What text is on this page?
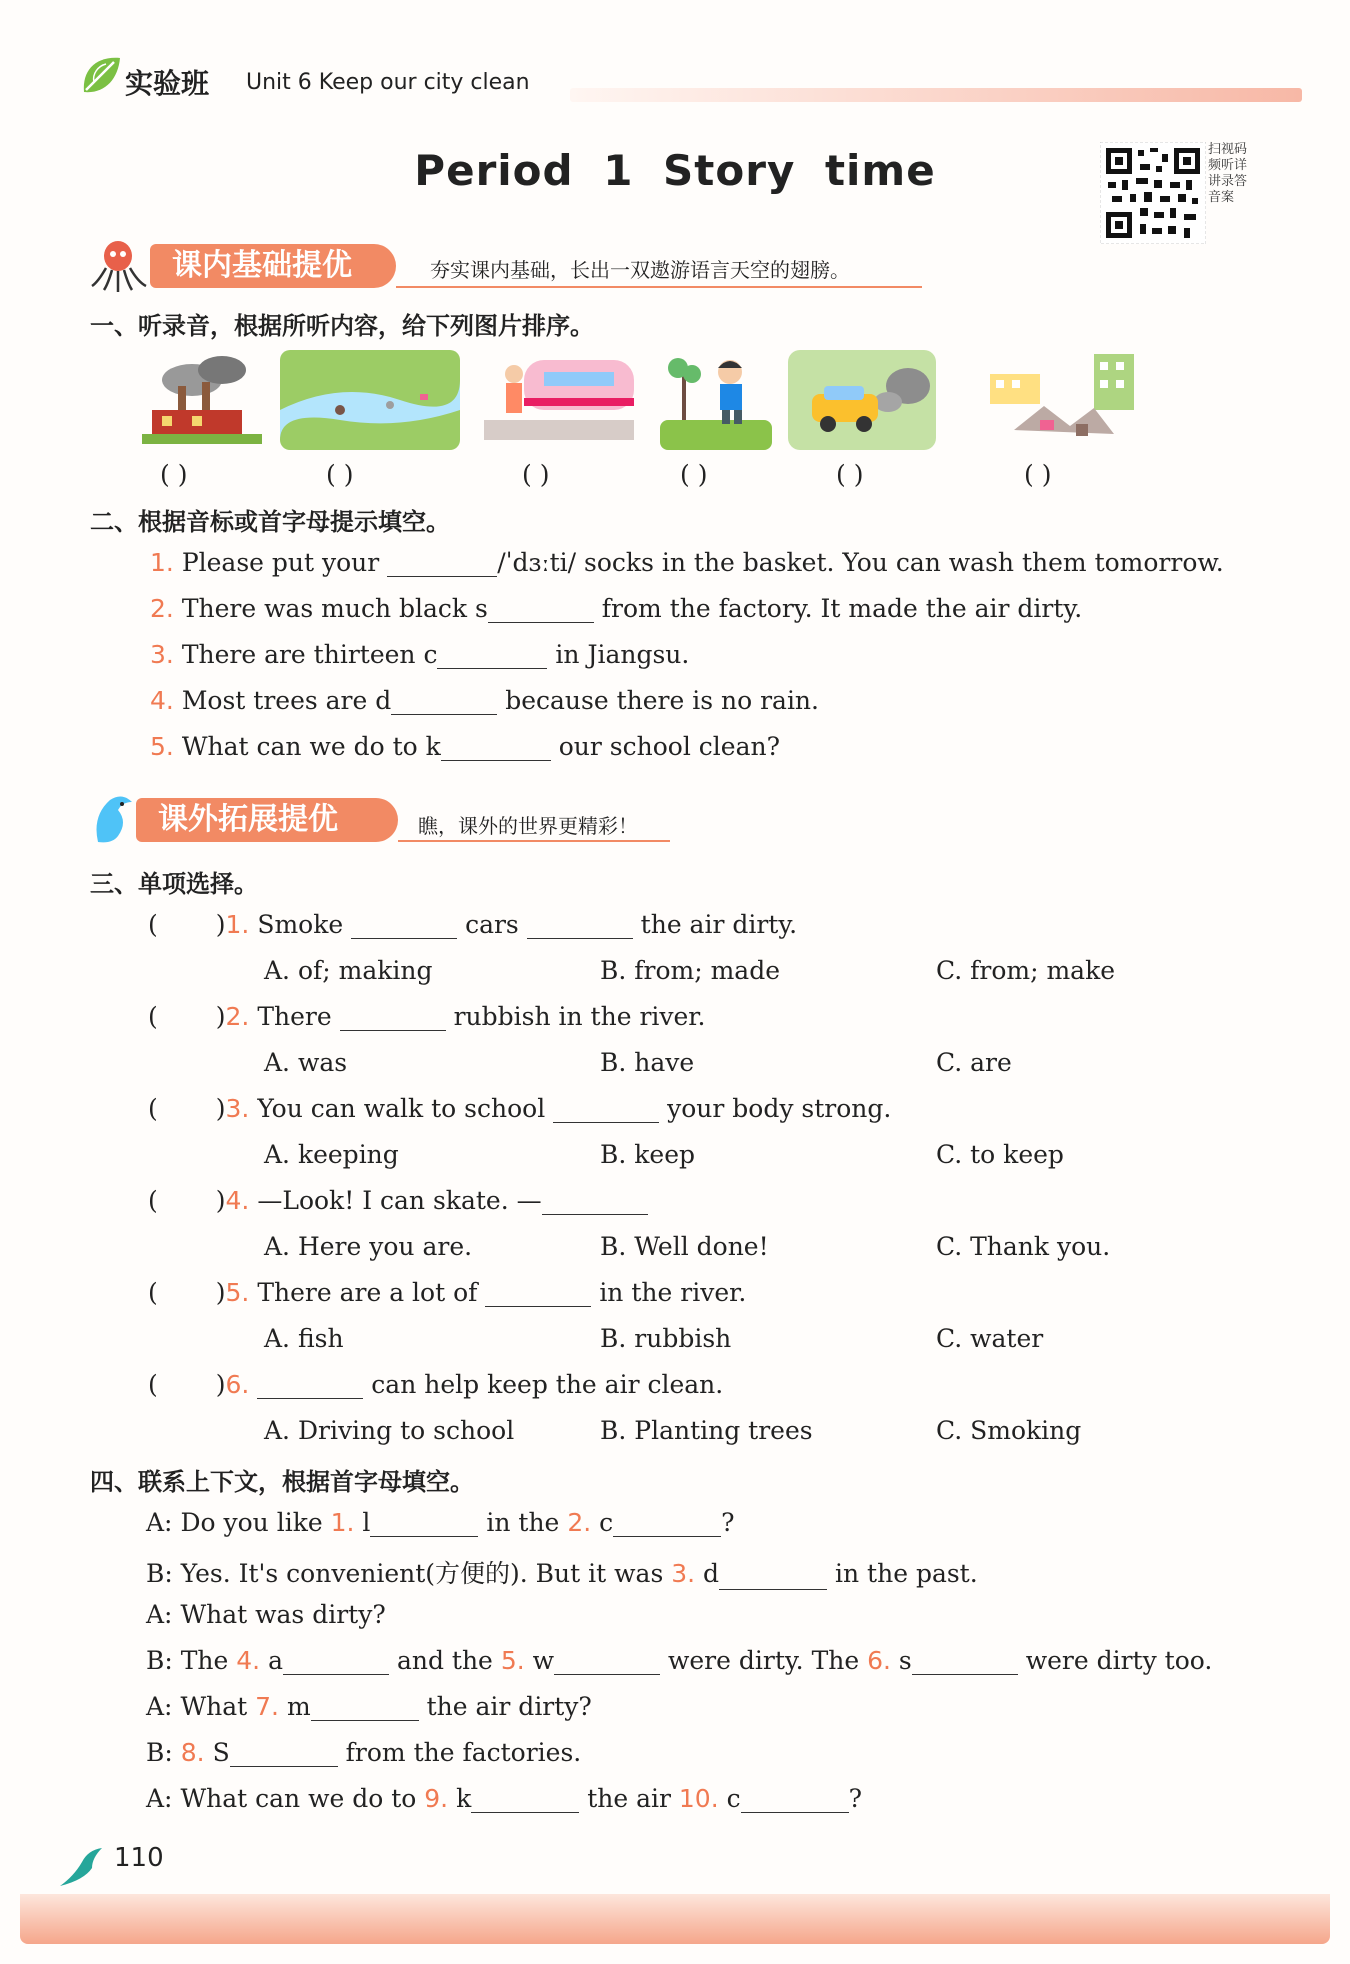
实验班 Unit 6 Keep our city clean
Period 1 Story time	扫视码频听详讲录答音案
课内基础提优	夯实课内基础，长出一双遨游语言天空的翅膀。
一、听录音，根据所听内容，给下列图片排序。
( )	( )	( )	( )	( )	( )
二、根据音标或首字母提示填空。
1. Please put your	/ˈdɜːti/ socks in the basket. You can wash them tomorrow.
2. There was much black s	from the factory. It made the air dirty.
3. There are thirteen c	in Jiangsu.
4. Most trees are d	because there is no rain.
5. What can we do to k	our school clean?
课外拓展提优	瞧，课外的世界更精彩！
三、单项选择。
( )1. Smoke	cars	the air dirty.
A. of; making	B. from; made	C. from; make
( )2. There	rubbish in the river.
A. was	B. have	C. are
( )3. You can walk to school	your body strong.
A. keeping	B. keep	C. to keep
( )4. —Look! I can skate. —
A. Here you are.	B. Well done!	C. Thank you.
( )5. There are a lot of	in the river.
A. fish	B. rubbish	C. water
( )6.	can help keep the air clean.
A. Driving to school	B. Planting trees	C. Smoking
四、联系上下文，根据首字母填空。
A: Do you like 1. l	in the 2. c	?
B: Yes. It's convenient(方便的). But it was 3. d	in the past.
A: What was dirty?
B: The 4. a	and the 5. w	were dirty. The 6. s	were dirty too.
A: What 7. m	the air dirty?
B: 8. S	from the factories.
A: What can we do to 9. k	the air 10. c	?
110
